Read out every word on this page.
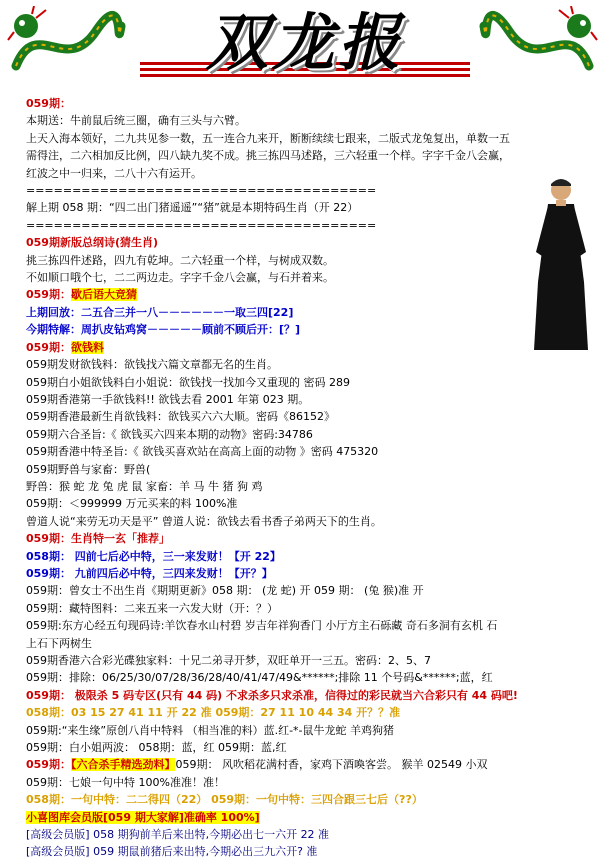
双龙报
059期：
本期送：牛前鼠后统三圈，确有三头与六臂。
上天入海本领好，二九共见参一数，五一连合九来开，断断续续七跟来，二版式龙兔复出，单数一五
需得注，二六相加反比例，四八缺九奖不成。挑三拣四马述路，三六轻重一个样。字字千金八会赢，
红波之中一归来，二八十六有运开。
======================================
解上期 058 期：“四二出门猪遥遥”“猪”就是本期特码生肖（开 22）
======================================
059期新版总纲诗(猜生肖)
挑三拣四件述路，四九有乾坤。二六轻重一个样，与树成双数。
不如顺口哦个七，二二两边走。字字千金八会赢，与石并着来。
059期：歇后语大竞猜
上期回放：二五合三并一八－－－－－－一取三四[22]
今期特解：周扒皮钻鸡窝－－－－－顾前不顾后开：[？]
059期：欲钱料
059期发财欲钱料：欲钱找六篇文章都无名的生肖。
059期白小姐欲钱料白小姐说：欲钱找一找加今又重现的 密码 289
059期香港第一手欲钱料!! 欲钱去看 2001 年第 023 期。
059期香港最新生肖欲钱料：欲钱买六六大顺。密码《86152》
059期六合圣旨:《 欲钱买六四来本期的动物》密码:34786
059期香港中特圣旨:《 欲钱买喜欢站在高高上面的动物 》密码 475320
059期野兽与家畜：野兽(
野兽：猴 蛇 龙 兔 虎 鼠 家畜：羊 马 牛 猪 狗 鸡
059期：＜999999 万元买来的料 100%准
曾道人说“来劳无功天是平” 曾道人说：欲钱去看书香子弟两天下的生肖。
059期：生肖特一玄「推荐」
058期： 四前七后必中特，三一来发财！【开 22】
059期： 九前四后必中特，三四来发财！【开？】
059期：曾女士不出生肖《期期更新》058 期： (龙 蛇) 开 059 期： (兔 猴)准 开
059期：藏特图料：二来五来一六发大财（开：？）
059期:东方心经五句现码诗:羊饮春水山村碧 岁吉年祥狗香门 小厅方主石砾藏 奇石多洞有玄机 石
上石下两树生
059期香港六合彩光碟独家料：十兄二弟寻开梦，双旺单开一三五。密码：2、5、7
059期：排除：06/25/30/07/28/36/28/40/41/47/49&******;排除 11 个号码&******;蓝，红
059期： 极限杀 5 码专区(只有 44 码) 不求杀多只求杀准，信得过的彩民就当六合彩只有 44 码吧!
058期：03 15 27 41 11 开 22 准 059期：27 11 10 44 34 开？？准
059期:“来生缘”原创八肖中特料 （相当准的料）蓝.红-*-鼠牛龙蛇 羊鸡狗猪
059期：白小姐两波： 058期：蓝，红 059期：蓝,红
059期：【六合杀手精选劲料】059期： 风吹稻花满村香，家鸡下酒喚客尝。 猴羊 02549 小双
059期：七娘一句中特 100%准准！准！
058期：一句中特：二二得四（22） 059期：一句中特：三四合跟三七后（??）
小喜图库会员版[059 期大家解]准确率 100%]
[高级会员版] 058 期狗前羊后来出特,今期必出七一六开 22 准
[高级会员版] 059 期鼠前猪后来出特,今期必出三九六开? 准
